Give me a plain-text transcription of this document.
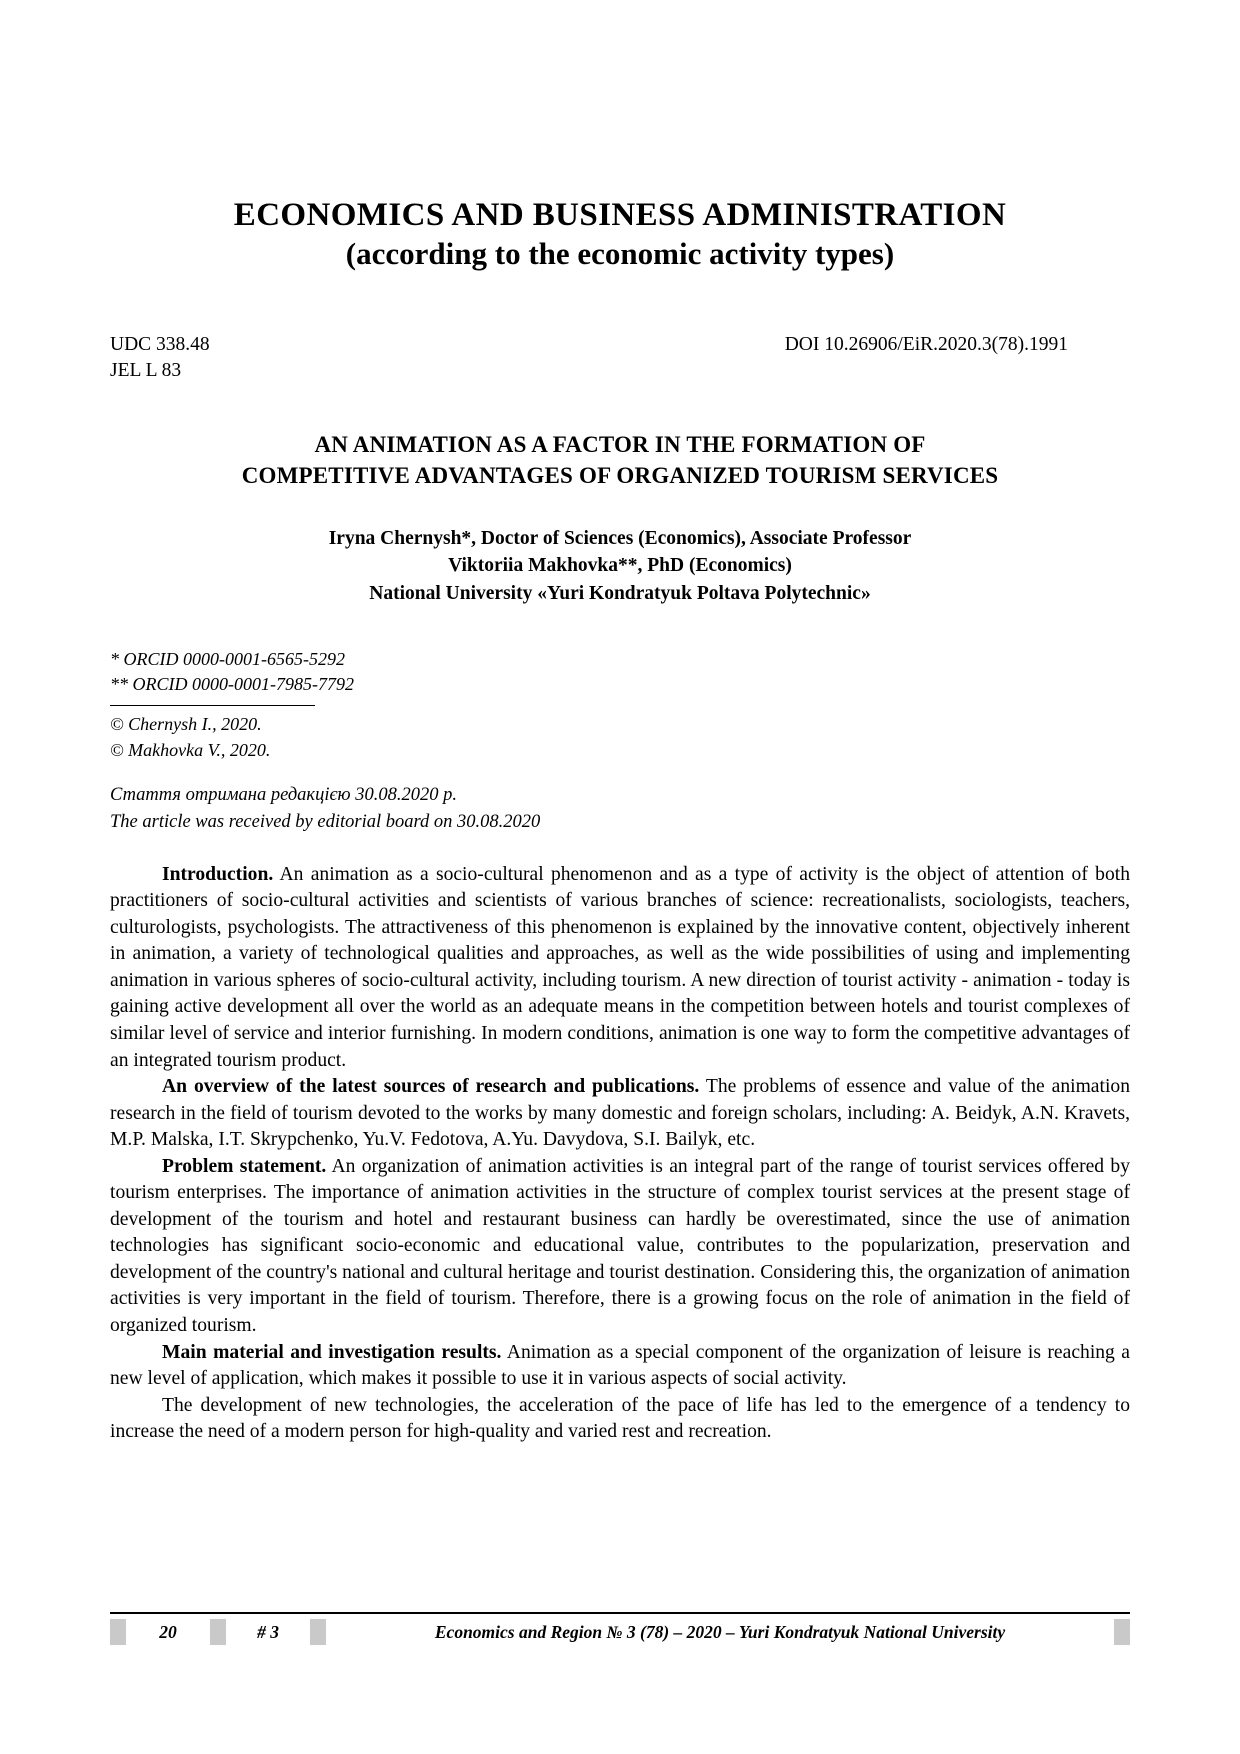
ECONOMICS AND BUSINESS ADMINISTRATION
(according to the economic activity types)
UDC 338.48
JEL L 83
DOI 10.26906/EiR.2020.3(78).1991
AN ANIMATION AS A FACTOR IN THE FORMATION OF
COMPETITIVE ADVANTAGES OF ORGANIZED TOURISM SERVICES
Iryna Chernysh*, Doctor of Sciences (Economics), Associate Professor
Viktoriia Makhovka**, PhD (Economics)
National University «Yuri Kondratyuk Poltava Polytechnic»
* ORCID 0000-0001-6565-5292
** ORCID 0000-0001-7985-7792
© Chernysh I., 2020.
© Makhovka V., 2020.
Стаття отримана редакцією 30.08.2020 р.
The article was received by editorial board on 30.08.2020

Introduction. An animation as a socio-cultural phenomenon and as a type of activity is the object of attention of both practitioners of socio-cultural activities and scientists of various branches of science: recreationalists, sociologists, teachers, culturologists, psychologists. The attractiveness of this phenomenon is explained by the innovative content, objectively inherent in animation, a variety of technological qualities and approaches, as well as the wide possibilities of using and implementing animation in various spheres of socio-cultural activity, including tourism. A new direction of tourist activity - animation - today is gaining active development all over the world as an adequate means in the competition between hotels and tourist complexes of similar level of service and interior furnishing. In modern conditions, animation is one way to form the competitive advantages of an integrated tourism product.

An overview of the latest sources of research and publications. The problems of essence and value of the animation research in the field of tourism devoted to the works by many domestic and foreign scholars, including: A. Beidyk, A.N. Kravets, M.P. Malska, I.T. Skrypchenko, Yu.V. Fedotova, A.Yu. Davydova, S.I. Bailyk, etc.

Problem statement. An organization of animation activities is an integral part of the range of tourist services offered by tourism enterprises. The importance of animation activities in the structure of complex tourist services at the present stage of development of the tourism and hotel and restaurant business can hardly be overestimated, since the use of animation technologies has significant socio-economic and educational value, contributes to the popularization, preservation and development of the country's national and cultural heritage and tourist destination. Considering this, the organization of animation activities is very important in the field of tourism. Therefore, there is a growing focus on the role of animation in the field of organized tourism.

Main material and investigation results. Animation as a special component of the organization of leisure is reaching a new level of application, which makes it possible to use it in various aspects of social activity.

The development of new technologies, the acceleration of the pace of life has led to the emergence of a tendency to increase the need of a modern person for high-quality and varied rest and recreation.

20	# 3	Economics and Region № 3 (78) – 2020 – Yuri Kondratyuk National University
